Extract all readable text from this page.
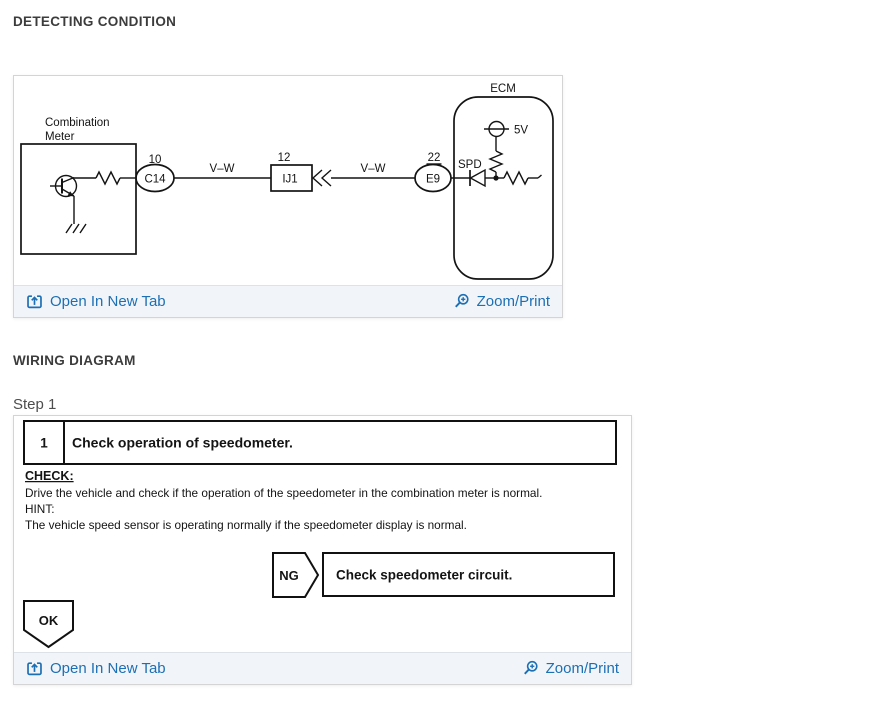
DETECTING CONDITION
Combination
Meter
10
C14
V–W
12
IJ1
V–W
22
E9
ECM
SPD
5V
Open In New Tab	Zoom/Print
WIRING DIAGRAM
Step 1
1 Check operation of speedometer.
CHECK:
Drive the vehicle and check if the operation of the speedometer in the combination meter is normal.
HINT:
The vehicle speed sensor is operating normally if the speedometer display is normal.
NG	Check speedometer circuit.
OK
Open In New Tab	Zoom/Print
